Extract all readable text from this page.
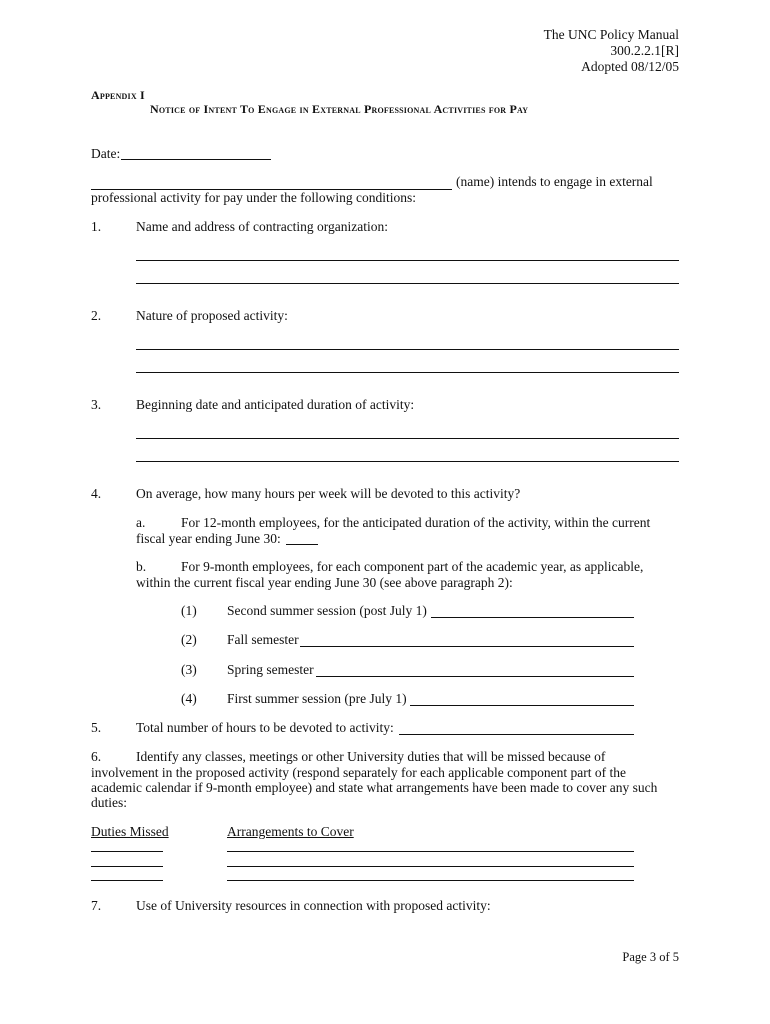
The UNC Policy Manual
300.2.2.1[R]
Adopted 08/12/05
Appendix I
Notice of Intent To Engage in External Professional Activities for Pay
Date:
(name) intends to engage in external
professional activity for pay under the following conditions:
1.	Name and address of contracting organization:
2.	Nature of proposed activity:
3.	Beginning date and anticipated duration of activity:
4.	On average, how many hours per week will be devoted to this activity?
a.	For 12-month employees, for the anticipated duration of the activity, within the current
fiscal year ending June 30:
b.	For 9-month employees, for each component part of the academic year, as applicable,
within the current fiscal year ending June 30 (see above paragraph 2):
(1) Second summer session (post July 1)
(2) Fall semester
(3) Spring semester
(4) First summer session (pre July 1)
5.	Total number of hours to be devoted to activity:
6.	Identify any classes, meetings or other University duties that will be missed because of
involvement in the proposed activity (respond separately for each applicable component part of the
academic calendar if 9-month employee) and state what arrangements have been made to cover any such
duties:
Duties Missed	Arrangements to Cover
7.	Use of University resources in connection with proposed activity:
Page 3 of 5
